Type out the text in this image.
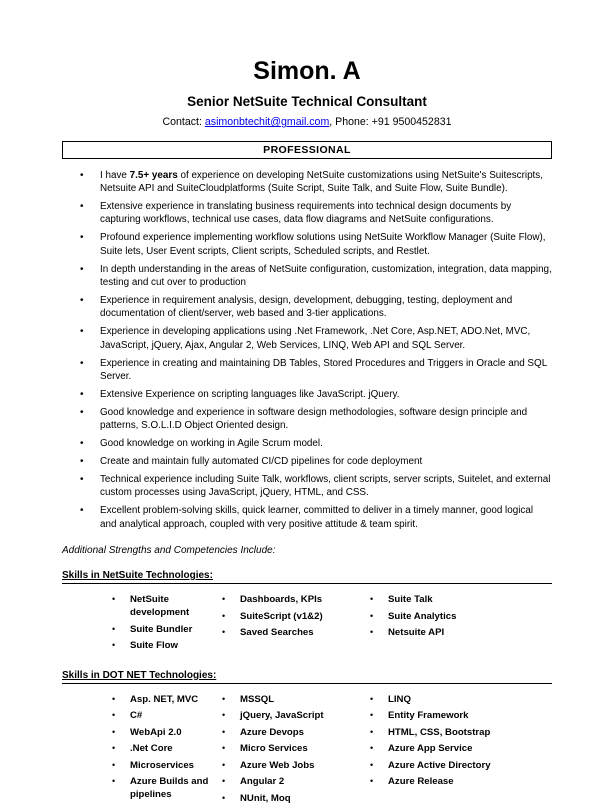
Simon. A
Senior NetSuite Technical Consultant
Contact: asimonbtechit@gmail.com, Phone: +91 9500452831
PROFESSIONAL
•	I have 7.5+ years of experience on developing NetSuite customizations using NetSuite's Suitescripts, Netsuite API and SuiteCloudplatforms (Suite Script, Suite Talk, and Suite Flow, Suite Bundle).
•	Extensive experience in translating business requirements into technical design documents by capturing workflows, technical use cases, data flow diagrams and NetSuite configurations.
•	Profound experience implementing workflow solutions using NetSuite Workflow Manager (Suite Flow), Suite lets, User Event scripts, Client scripts, Scheduled scripts, and Restlet.
•	In depth understanding in the areas of NetSuite configuration, customization, integration, data mapping, testing and cut over to production
•	Experience in requirement analysis, design, development, debugging, testing, deployment and documentation of client/server, web based and 3-tier applications.
•	Experience in developing applications using .Net Framework, .Net Core, Asp.NET, ADO.Net, MVC, JavaScript, jQuery, Ajax, Angular 2, Web Services, LINQ, Web API and SQL Server.
•	Experience in creating and maintaining DB Tables, Stored Procedures and Triggers in Oracle and SQL Server.
•	Extensive Experience on scripting languages like JavaScript. jQuery.
•	Good knowledge and experience in software design methodologies, software design principle and patterns, S.O.L.I.D Object Oriented design.
•	Good knowledge on working in Agile Scrum model.
•	Create and maintain fully automated CI/CD pipelines for code deployment
•	Technical experience including Suite Talk, workflows, client scripts, server scripts, Suitelet, and external custom processes using JavaScript, jQuery, HTML, and CSS.
•	Excellent problem-solving skills, quick learner, committed to deliver in a timely manner, good logical and analytical approach, coupled with very positive attitude & team spirit.
Additional Strengths and Competencies Include:
Skills in NetSuite Technologies:
•	NetSuite development
•	Suite Bundler
•	Suite Flow
•	Dashboards, KPIs
•	SuiteScript (v1&2)
•	Saved Searches
•	Suite Talk
•	Suite Analytics
•	Netsuite API
Skills in DOT NET Technologies:
•	Asp. NET, MVC
•	C#
•	WebApi 2.0
•	.Net Core
•	Microservices
•	Azure Builds and pipelines
•	MSSQL
•	jQuery, JavaScript
•	Azure Devops
•	Micro Services
•	Azure Web Jobs
•	Angular 2
•	NUnit, Moq
•	LINQ
•	Entity Framework
•	HTML, CSS, Bootstrap
•	Azure App Service
•	Azure Active Directory
•	Azure Release
